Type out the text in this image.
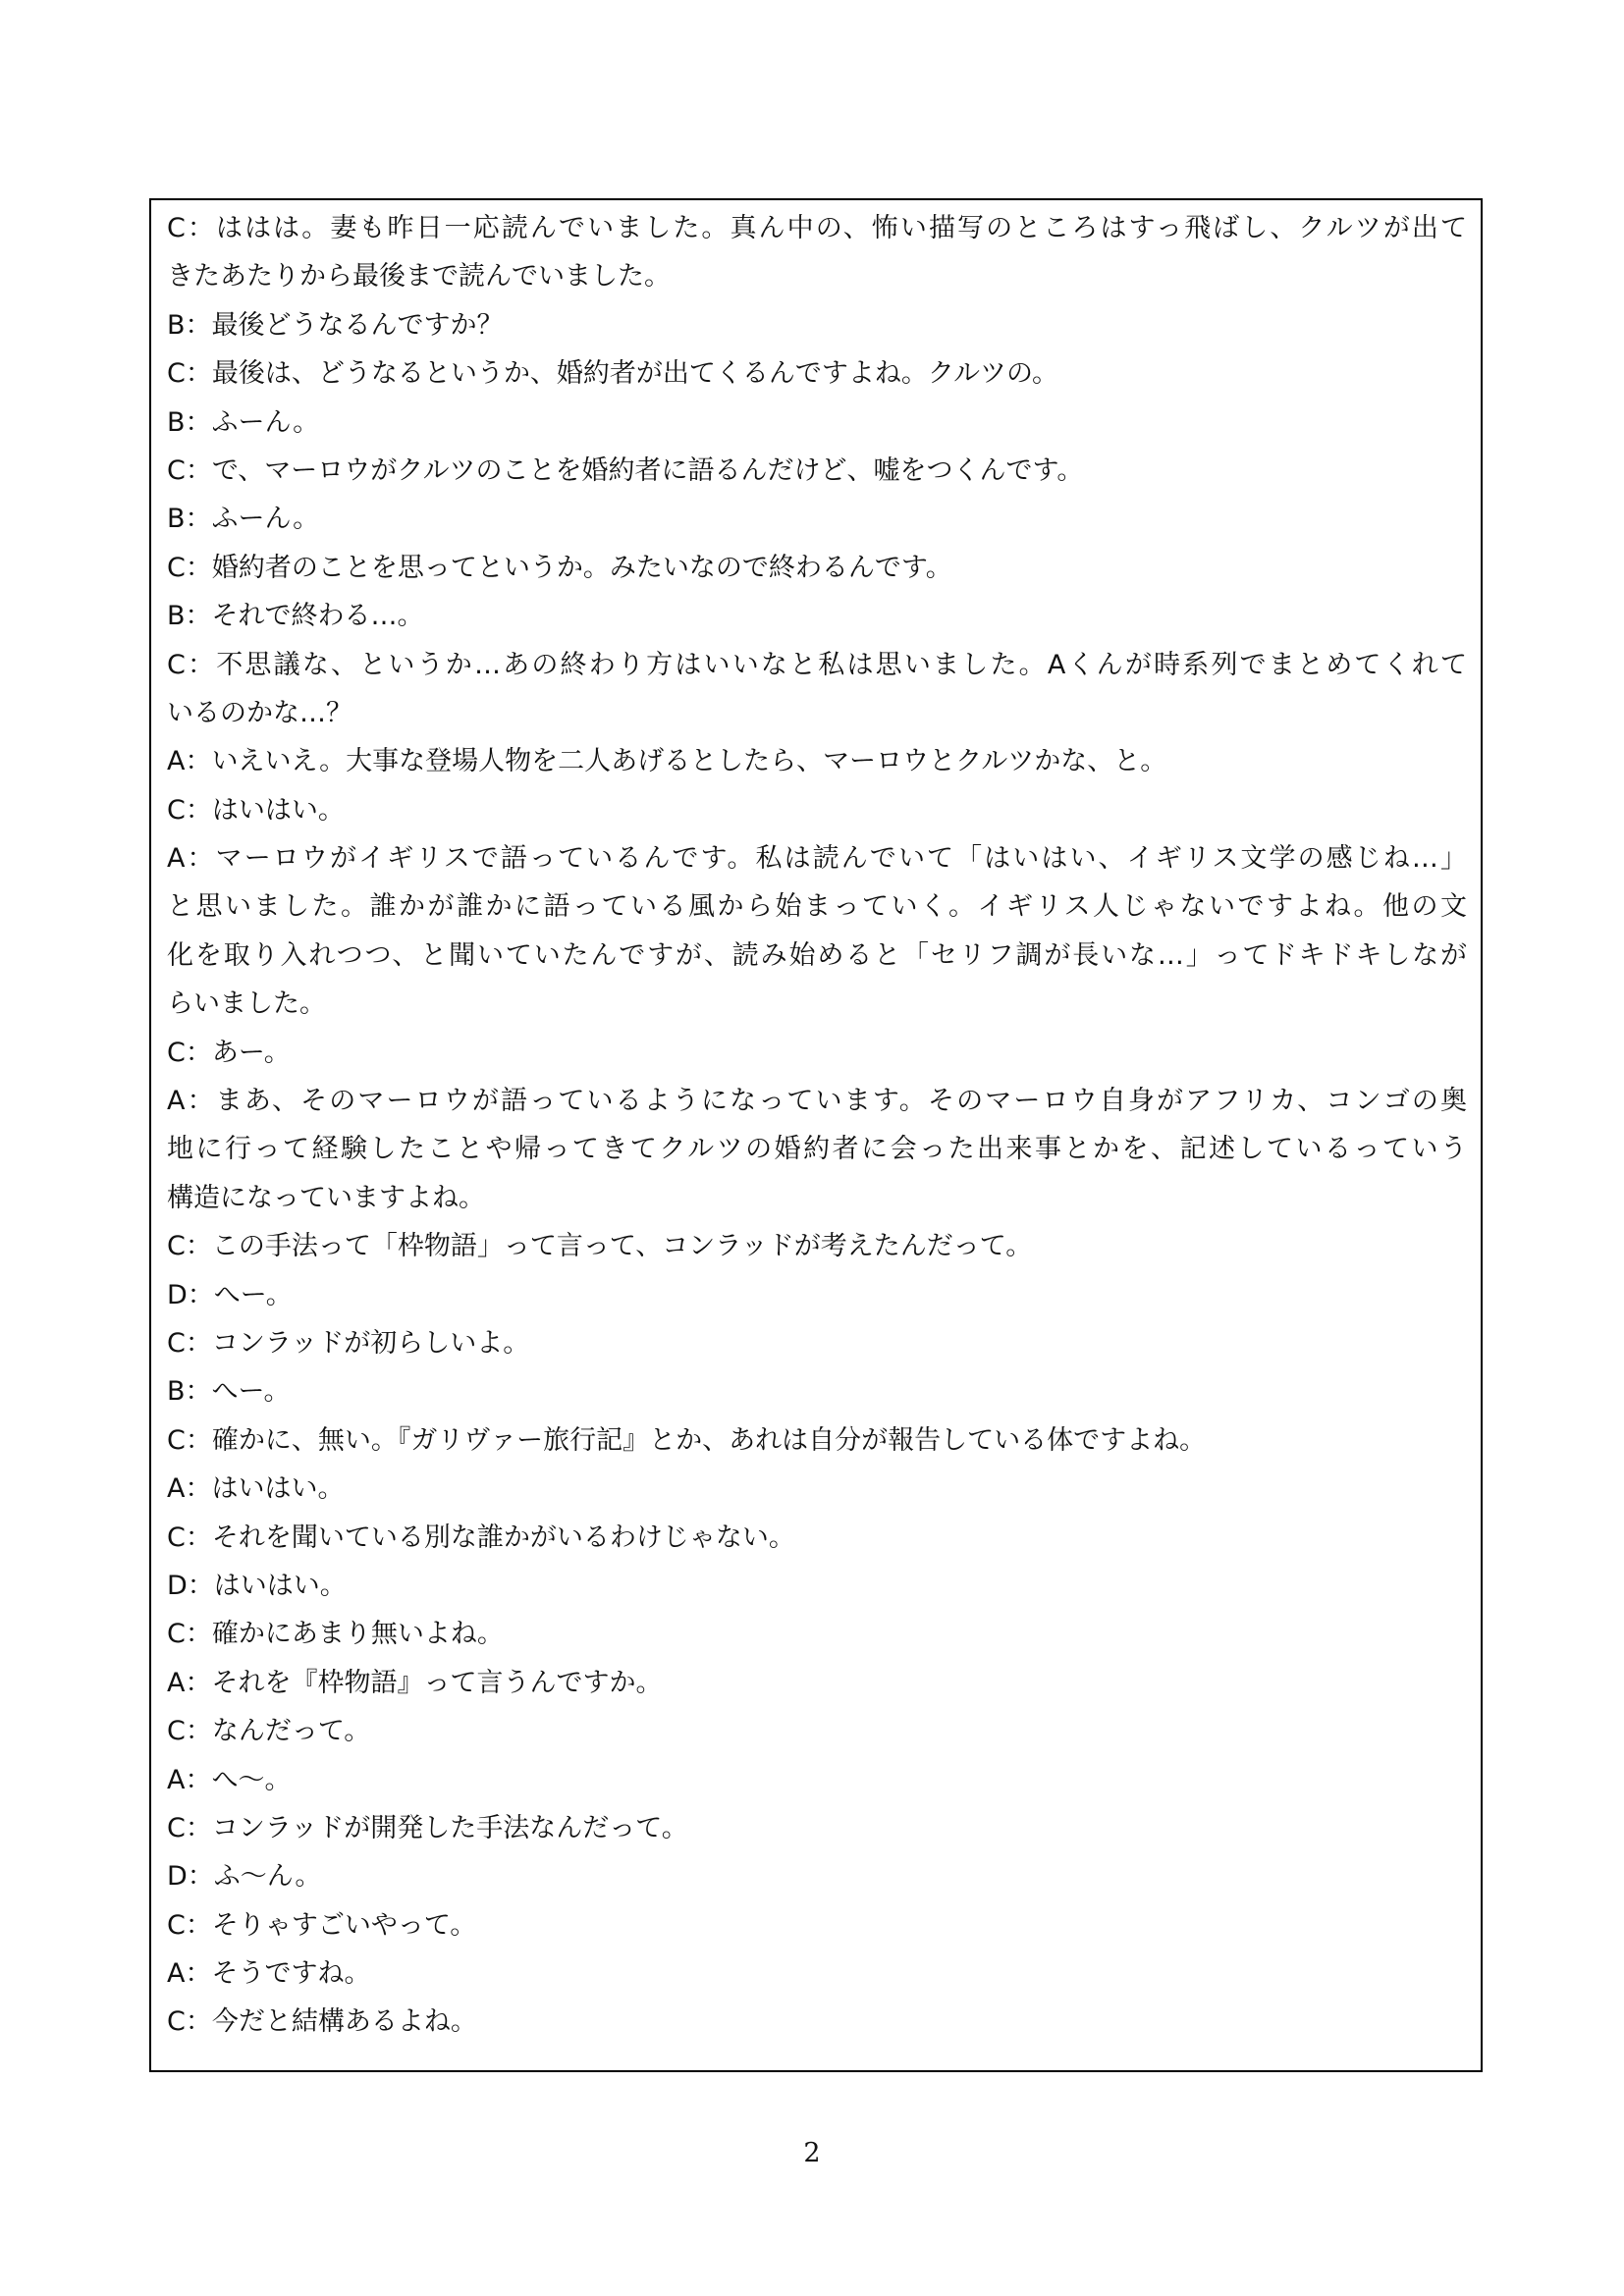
C：ははは。妻も昨日一応読んでいました。真ん中の、怖い描写のところはすっ飛ばし、クルツが出て
きたあたりから最後まで読んでいました。
B：最後どうなるんですか？
C：最後は、どうなるというか、婚約者が出てくるんですよね。クルツの。
B：ふーん。
C：で、マーロウがクルツのことを婚約者に語るんだけど、嘘をつくんです。
B：ふーん。
C：婚約者のことを思ってというか。みたいなので終わるんです。
B：それで終わる…。
C：不思議な、というか…あの終わり方はいいなと私は思いました。Aくんが時系列でまとめてくれて
いるのかな…？
A：いえいえ。大事な登場人物を二人あげるとしたら、マーロウとクルツかな、と。
C：はいはい。
A：マーロウがイギリスで語っているんです。私は読んでいて「はいはい、イギリス文学の感じね…」
と思いました。誰かが誰かに語っている風から始まっていく。イギリス人じゃないですよね。他の文
化を取り入れつつ、と聞いていたんですが、読み始めると「セリフ調が長いな…」ってドキドキしなが
らいました。
C：あー。
A：まあ、そのマーロウが語っているようになっています。そのマーロウ自身がアフリカ、コンゴの奥
地に行って経験したことや帰ってきてクルツの婚約者に会った出来事とかを、記述しているっていう
構造になっていますよね。
C：この手法って「枠物語」って言って、コンラッドが考えたんだって。
D：へー。
C：コンラッドが初らしいよ。
B：へー。
C：確かに、無い。『ガリヴァー旅行記』とか、あれは自分が報告している体ですよね。
A：はいはい。
C：それを聞いている別な誰かがいるわけじゃない。
D：はいはい。
C：確かにあまり無いよね。
A：それを『枠物語』って言うんですか。
C：なんだって。
A：へ～。
C：コンラッドが開発した手法なんだって。
D：ふ～ん。
C：そりゃすごいやって。
A：そうですね。
C：今だと結構あるよね。
2
